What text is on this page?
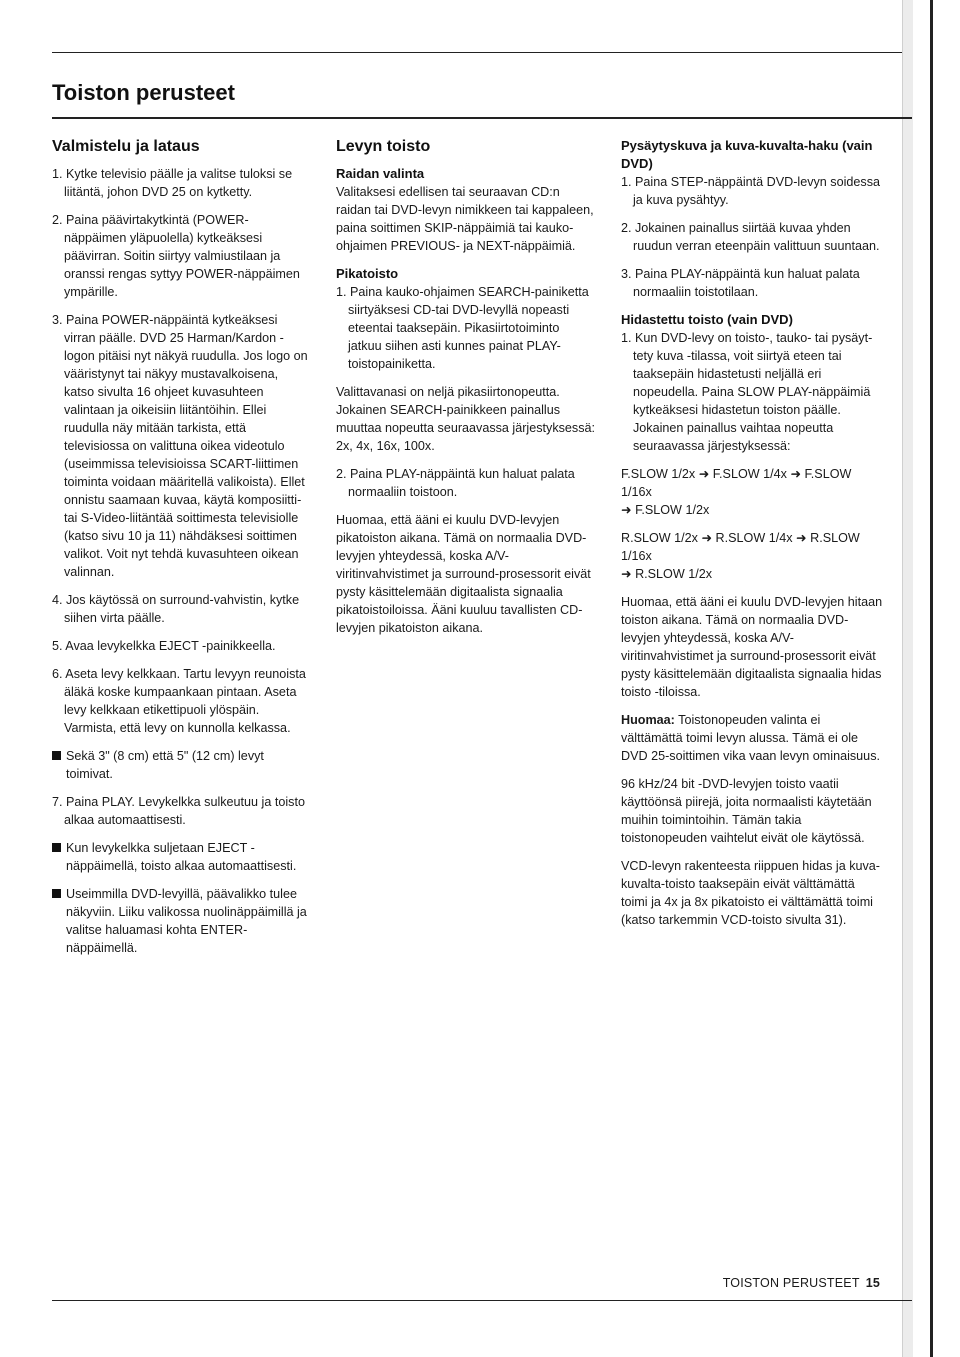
Toiston perusteet
Valmistelu ja lataus

1. Kytke televisio päälle ja valitse tuloksi se liitäntä, johon DVD 25 on kytketty.

2. Paina päävirtakytkintä (POWER-näppäimen yläpuolella) kytkeäksesi päävirran. Soitin siirtyy valmiustilaan ja oranssi rengas syttyy POWER-näppäimen ympärille.

3. Paina POWER-näppäintä kytkeäksesi virran päälle. DVD 25 Harman/Kardon -logon pitäisi nyt näkyä ruudulla. Jos logo on vääristynyt tai näkyy mustavalkoisena, katso sivulta 16 ohjeet kuvasuhteen valintaan ja oikeisiin liitäntöihin. Ellei ruudulla näy mitään tarkista, että televisiossa on valittuna oikea videotulo (useimmissa televisioissa SCART-liittimen toiminta voidaan määritellä valikoista). Ellet onnistu saamaan kuvaa, käytä komposiitti- tai S-Video-liitäntää soittimesta televisiolle (katso sivu 10 ja 11) nähdäksesi soittimen valikot. Voit nyt tehdä kuvasuhteen oikean valinnan.

4. Jos käytössä on surround-vahvistin, kytke siihen virta päälle.

5. Avaa levykelkka EJECT -painikkeella.

6. Aseta levy kelkkaan. Tartu levyyn reunoista äläkä koske kumpaankaan pintaan. Aseta levy kelkkaan etikettipuoli ylöspäin. Varmista, että levy on kunnolla kelkassa.

Sekä 3" (8 cm) että 5" (12 cm) levyt toimivat.

7. Paina PLAY. Levykelkka sulkeutuu ja toisto alkaa automaattisesti.

Kun levykelkka suljetaan EJECT -näppäimellä, toisto alkaa automaattisesti.

Useimmilla DVD-levyillä, päävalikko tulee näkyviin. Liiku valikossa nuolinäppäimillä ja valitse haluamasi kohta ENTER-näppäimellä.

Levyn toisto
Raidan valinta

Valitaksesi edellisen tai seuraavan CD:n raidan tai DVD-levyn nimikkeen tai kappaleen, paina soittimen SKIP-näppäimiä tai kauko-ohjaimen PREVIOUS- ja NEXT-näppäimiä.

Pikatoisto

1. Paina kauko-ohjaimen SEARCH-painiketta siirtyäksesi CD-tai DVD-levyllä nopeasti eteentai taaksepäin. Pikasiirtotoiminto jatkuu siihen asti kunnes painat PLAY-toistopainiketta.

Valittavanasi on neljä pikasiirtonopeutta. Jokainen SEARCH-painikkeen painallus muuttaa nopeutta seuraavassa järjestyksessä: 2x, 4x, 16x, 100x.

2. Paina PLAY-näppäintä kun haluat palata normaaliin toistoon.

Huomaa, että ääni ei kuulu DVD-levyjen pikatoiston aikana. Tämä on normaalia DVD-levyjen yhteydessä, koska A/V-viritinvahvistimet ja surround-prosessorit eivät pysty käsittelemään digitaalista signaalia pikatoistoiloissa. Ääni kuuluu tavallisten CD-levyjen pikatoiston aikana.

Pysäytyskuva ja kuva-kuvalta-haku (vain DVD)

1. Paina STEP-näppäintä DVD-levyn soidessa ja kuva pysähtyy.

2. Jokainen painallus siirtää kuvaa yhden ruudun verran eteenpäin valittuun suuntaan.

3. Paina PLAY-näppäintä kun haluat palata normaaliin toistotilaan.

Hidastettu toisto (vain DVD)

1. Kun DVD-levy on toisto-, tauko- tai pysäyttety kuva -tilassa, voit siirtyä eteen tai taaksepäin hidastetusti neljällä eri nopeudella. Paina SLOW PLAY-näppäimiä kytkeäksesi hidastetun toiston päälle. Jokainen painallus vaihtaa nopeutta seuraavassa järjestyksessä:

F.SLOW 1/2x ➜ F.SLOW 1/4x ➜ F.SLOW 1/16x
➜ F.SLOW 1/2x

R.SLOW 1/2x ➜ R.SLOW 1/4x ➜ R.SLOW 1/16x
➜ R.SLOW 1/2x

Huomaa, että ääni ei kuulu DVD-levyjen hitaan toiston aikana. Tämä on normaalia DVD-levyjen yhteydessä, koska A/V-viritinvahvistimet ja surround-prosessorit eivät pysty käsittelemään digitaalista signaalia hidas toisto -tiloissa.

Huomaa: Toistonopeuden valinta ei välttämättä toimi levyn alussa. Tämä ei ole DVD 25-soittimen vika vaan levyn ominaisuus.

96 kHz/24 bit -DVD-levyjen toisto vaatii käyttöönsä piirejä, joita normaalisti käytetään muihin toimintoihin. Tämän takia toistonopeuden vaihtelut eivät ole käytössä.

VCD-levyn rakenteesta riippuen hidas ja kuva-kuvalta-toisto taaksepäin eivät välttämättä toimi ja 4x ja 8x pikatoisto ei välttämättä toimi (katso tarkemmin VCD-toisto sivulta 31).

TOISTON PERUSTEET 15
